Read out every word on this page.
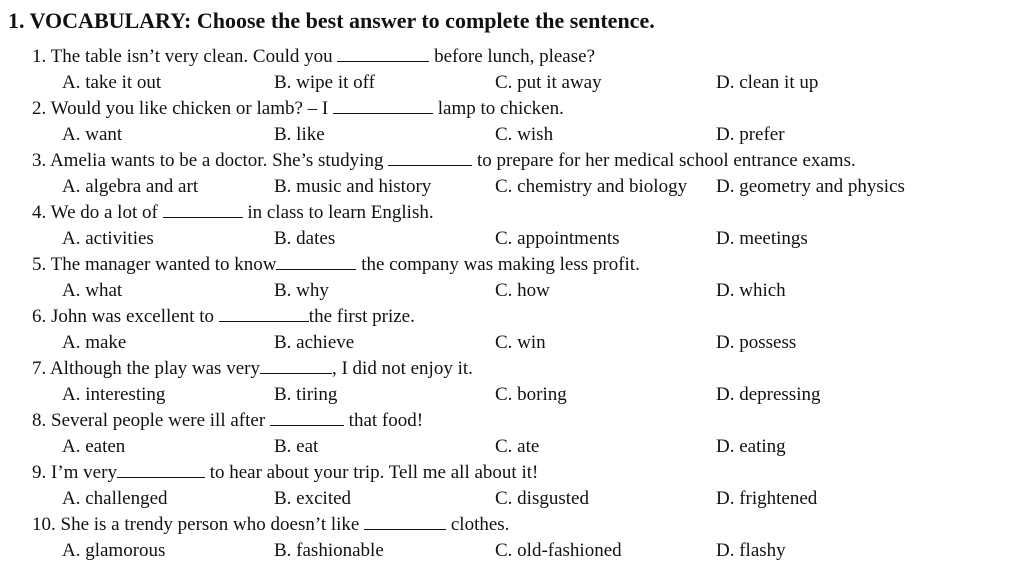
1. VOCABULARY: Choose the best answer to complete the sentence.
1. The table isn’t very clean. Could you	before lunch, please?
A. take it out	B. wipe it off	C. put it away	D. clean it up
2. Would you like chicken or lamb? – I	lamp to chicken.
A. want	B. like	C. wish	D. prefer
3. Amelia wants to be a doctor. She’s studying	to prepare for her medical school entrance exams.
A. algebra and art	B. music and history	C. chemistry and biology D. geometry and physics
4. We do a lot of	in class to learn English.
A. activities	B. dates	C. appointments	D. meetings
5. The manager wanted to know	the company was making less profit.
A. what	B. why	C. how	D. which
6. John was excellent to	the first prize.
A. make	B. achieve	C. win	D. possess
7. Although the play was very	, I did not enjoy it.
A. interesting	B. tiring	C. boring	D. depressing
8. Several people were ill after	that food!
A. eaten	B. eat	C. ate	D. eating
9. I’m very	to hear about your trip. Tell me all about it!
A. challenged	B. excited	C. disgusted	D. frightened
10. She is a trendy person who doesn’t like	clothes.
A. glamorous	B. fashionable	C. old-fashioned	D. flashy
